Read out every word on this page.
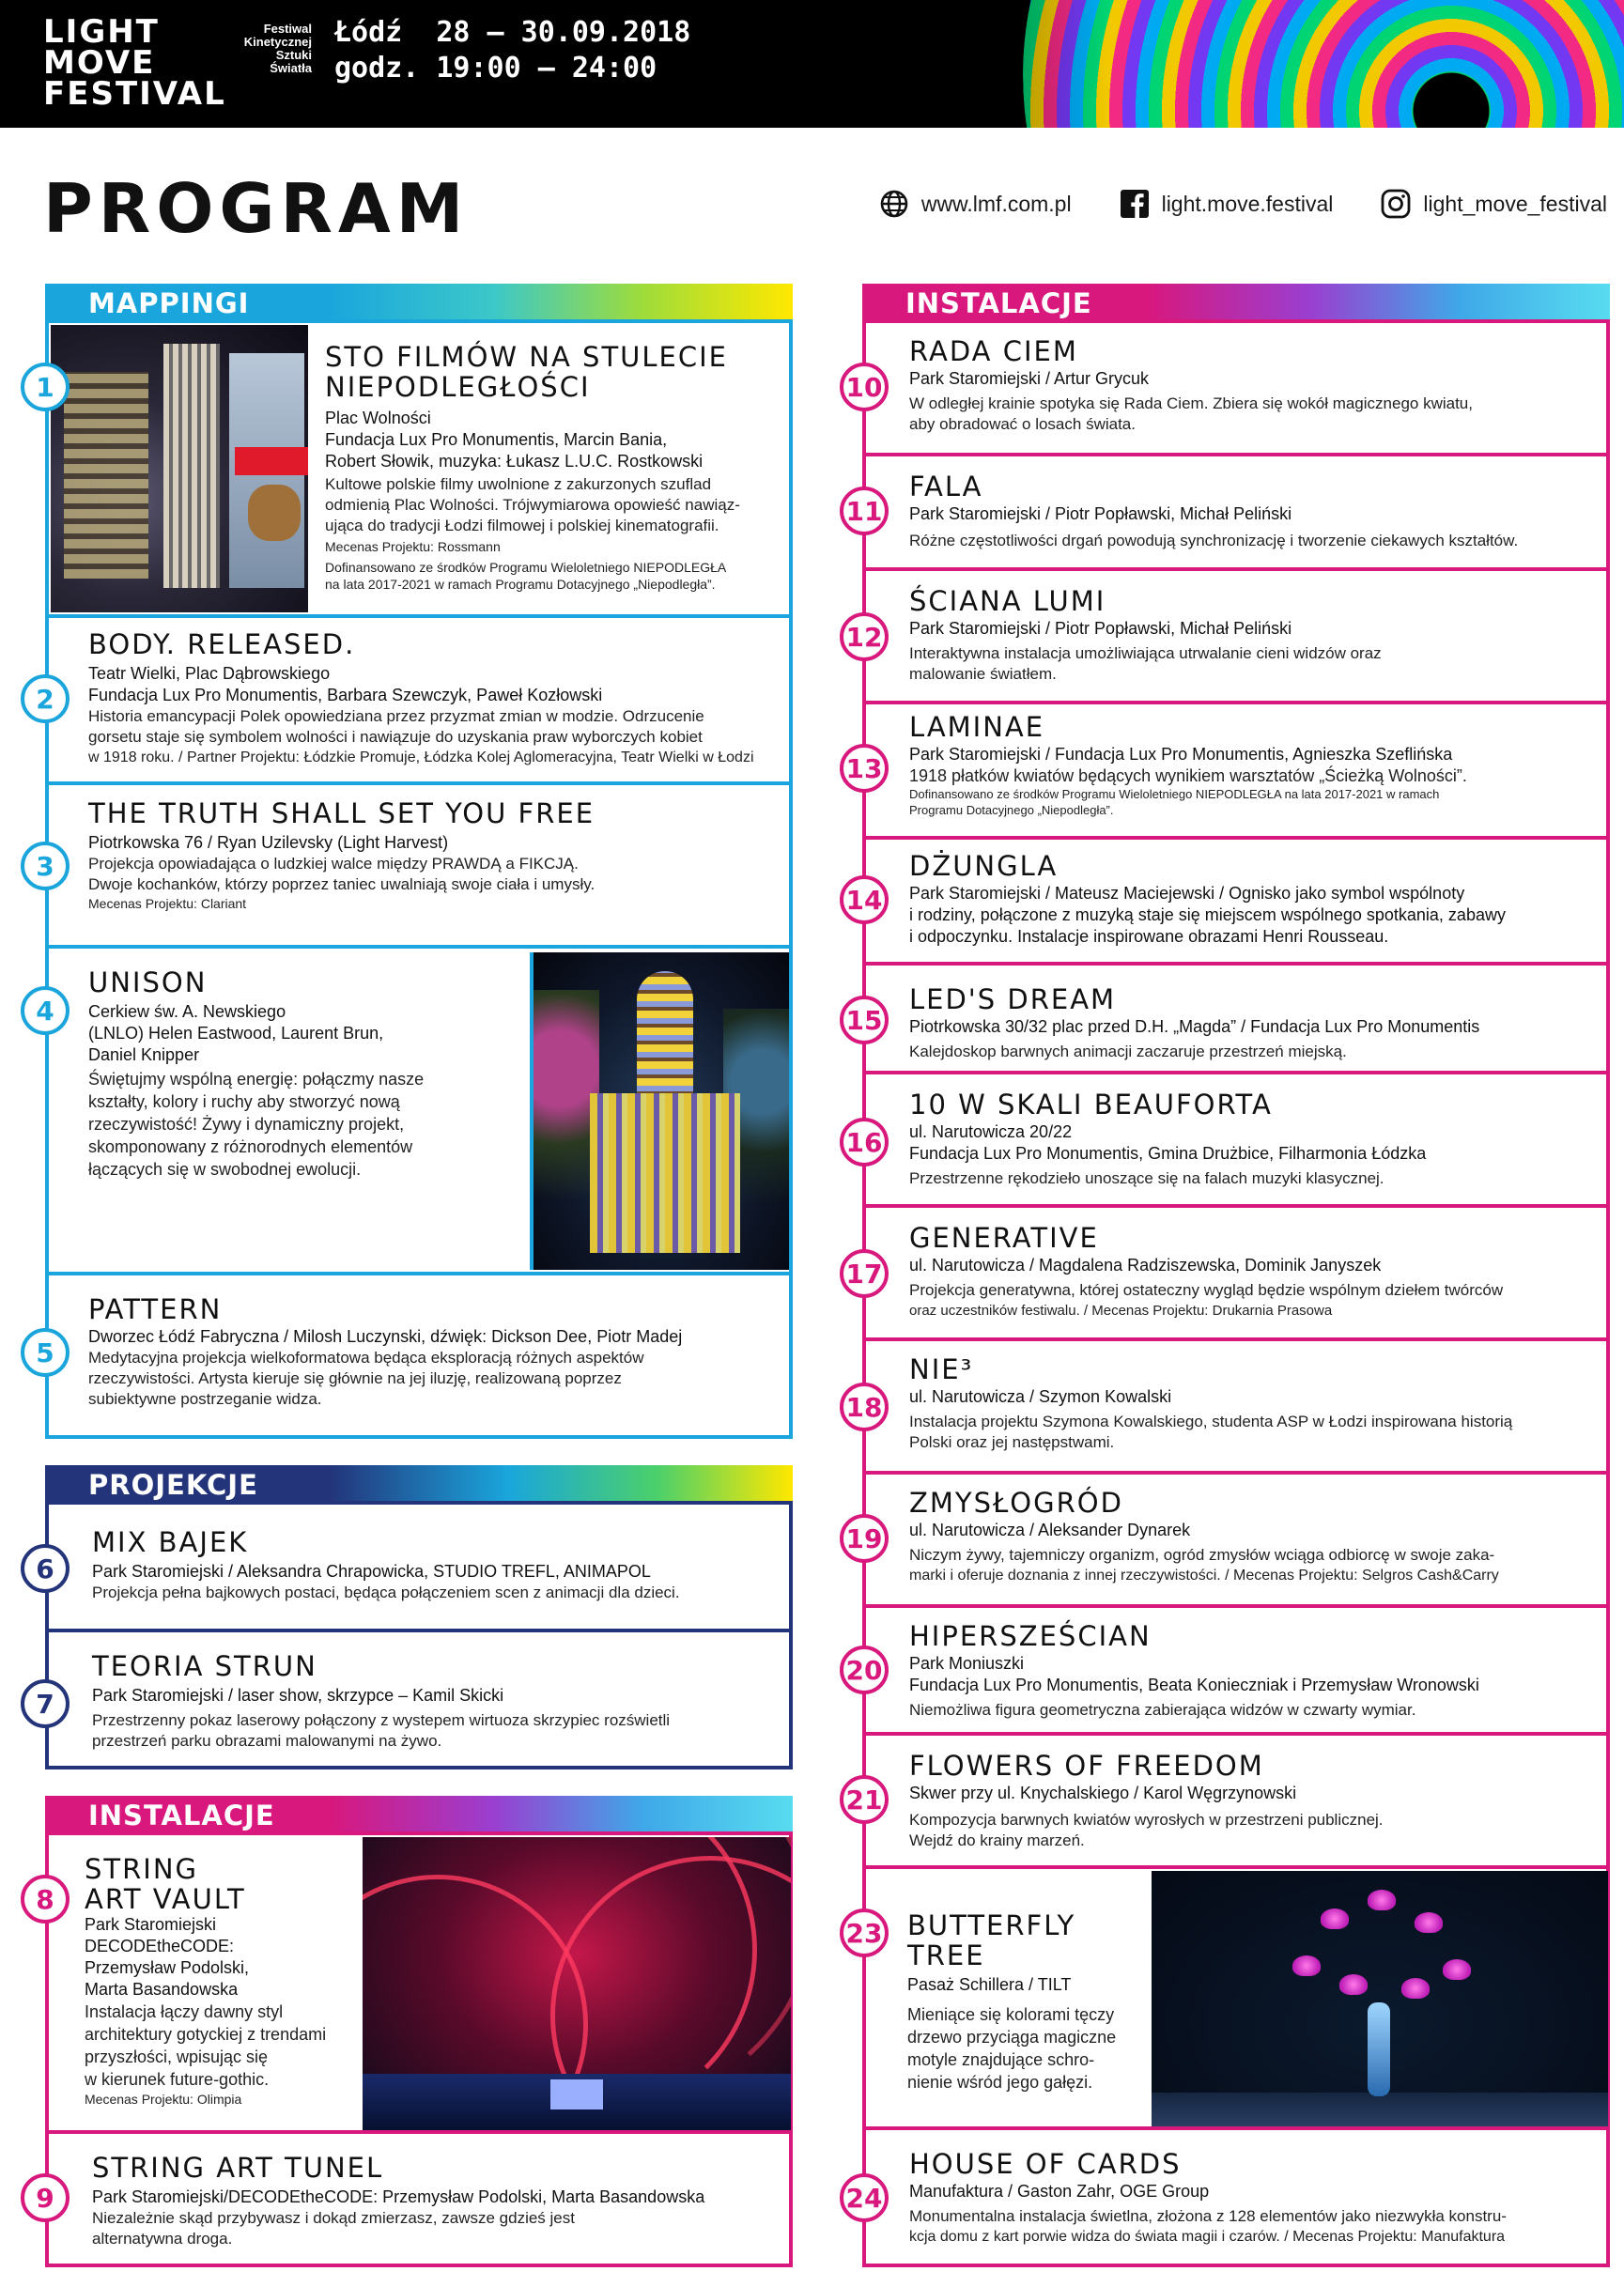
LIGHT
MOVE
FESTIVAL
Festiwal
Kinetycznej
Sztuki
Światła
Łódź  28 — 30.09.2018
godz. 19:00 — 24:00
PROGRAM	www.lmf.com.pl	light.move.festival	light_move_festival
MAPPINGI
STO FILMÓW NA STULECIE
NIEPODLEGŁOŚCI
Plac Wolności
Fundacja Lux Pro Monumentis, Marcin Bania,
Robert Słowik, muzyka: Łukasz L.U.C. Rostkowski
Kultowe polskie filmy uwolnione z zakurzonych szuflad
odmienią Plac Wolności. Trójwymiarowa opowieść nawiąz-
ująca do tradycji Łodzi filmowej i polskiej kinematografii.
Mecenas Projektu: Rossmann
Dofinansowano ze środków Programu Wieloletniego NIEPODLEGŁA
na lata 2017-2021 w ramach Programu Dotacyjnego „Niepodległa”.
1
BODY. RELEASED.
Teatr Wielki, Plac Dąbrowskiego
Fundacja Lux Pro Monumentis, Barbara Szewczyk, Paweł Kozłowski
Historia emancypacji Polek opowiedziana przez przyzmat zmian w modzie. Odrzucenie
gorsetu staje się symbolem wolności i nawiązuje do uzyskania praw wyborczych kobiet
w 1918 roku. / Partner Projektu: Łódzkie Promuje, Łódzka Kolej Aglomeracyjna, Teatr Wielki w Łodzi
2
THE TRUTH SHALL SET YOU FREE
Piotrkowska 76 / Ryan Uzilevsky (Light Harvest)
Projekcja opowiadająca o ludzkiej walce między PRAWDĄ a FIKCJĄ.
Dwoje kochanków, którzy poprzez taniec uwalniają swoje ciała i umysły.
Mecenas Projektu: Clariant
3
UNISON
Cerkiew św. A. Newskiego
(LNLO) Helen Eastwood, Laurent Brun,
Daniel Knipper
Świętujmy wspólną energię: połączmy nasze
kształty, kolory i ruchy aby stworzyć nową
rzeczywistość! Żywy i dynamiczny projekt,
skomponowany z różnorodnych elementów
łączących się w swobodnej ewolucji.
4
PATTERN
Dworzec Łódź Fabryczna / Milosh Luczynski, dźwięk: Dickson Dee, Piotr Madej
Medytacyjna projekcja wielkoformatowa będąca eksploracją różnych aspektów
rzeczywistości. Artysta kieruje się głównie na jej iluzję, realizowaną poprzez
subiektywne postrzeganie widza.
5
PROJEKCJE
MIX BAJEK
Park Staromiejski / Aleksandra Chrapowicka, STUDIO TREFL, ANIMAPOL
Projekcja pełna bajkowych postaci, będąca połączeniem scen z animacji dla dzieci.
6
TEORIA STRUN
Park Staromiejski / laser show, skrzypce – Kamil Skicki
Przestrzenny pokaz laserowy połączony z wystepem wirtuoza skrzypiec rozświetli
przestrzeń parku obrazami malowanymi na żywo.
7
INSTALACJE
STRING
ART VAULT
Park Staromiejski
DECODEtheCODE:
Przemysław Podolski,
Marta Basandowska
Instalacja łączy dawny styl
architektury gotyckiej z trendami
przyszłości, wpisując się
w kierunek future-gothic.
Mecenas Projektu: Olimpia
8
STRING ART TUNEL
Park Staromiejski/DECODEtheCODE: Przemysław Podolski, Marta Basandowska
Niezależnie skąd przybywasz i dokąd zmierzasz, zawsze gdzieś jest
alternatywna droga.
9
INSTALACJE
RADA CIEM
Park Staromiejski / Artur Grycuk
W odległej krainie spotyka się Rada Ciem. Zbiera się wokół magicznego kwiatu,
aby obradować o losach świata.
10
FALA
Park Staromiejski / Piotr Popławski, Michał Peliński
Różne częstotliwości drgań powodują synchronizację i tworzenie ciekawych kształtów.
11
ŚCIANA LUMI
Park Staromiejski / Piotr Popławski, Michał Peliński
Interaktywna instalacja umożliwiająca utrwalanie cieni widzów oraz
malowanie światłem.
12
LAMINAE
Park Staromiejski / Fundacja Lux Pro Monumentis, Agnieszka Szeflińska
1918 płatków kwiatów będących wynikiem warsztatów „Ścieżką Wolności”.
Dofinansowano ze środków Programu Wieloletniego NIEPODLEGŁA na lata 2017-2021 w ramach
Programu Dotacyjnego „Niepodległa”.
13
DŻUNGLA
Park Staromiejski / Mateusz Maciejewski / Ognisko jako symbol wspólnoty
i rodziny, połączone z muzyką staje się miejscem wspólnego spotkania, zabawy
i odpoczynku. Instalacje inspirowane obrazami Henri Rousseau.
14
LED'S DREAM
Piotrkowska 30/32 plac przed D.H. „Magda” / Fundacja Lux Pro Monumentis
Kalejdoskop barwnych animacji zaczaruje przestrzeń miejską.
15
10 W SKALI BEAUFORTA
ul. Narutowicza 20/22
Fundacja Lux Pro Monumentis, Gmina Drużbice, Filharmonia Łódzka
Przestrzenne rękodzieło unoszące się na falach muzyki klasycznej.
16
GENERATIVE
ul. Narutowicza / Magdalena Radziszewska, Dominik Janyszek
Projekcja generatywna, której ostateczny wygląd będzie wspólnym dziełem twórców
oraz uczestników festiwalu. / Mecenas Projektu: Drukarnia Prasowa
17
NIE³
ul. Narutowicza / Szymon Kowalski
Instalacja projektu Szymona Kowalskiego, studenta ASP w Łodzi inspirowana historią
Polski oraz jej następstwami.
18
ZMYSŁOGRÓD
ul. Narutowicza / Aleksander Dynarek
Niczym żywy, tajemniczy organizm, ogród zmysłów wciąga odbiorcę w swoje zaka-
marki i oferuje doznania z innej rzeczywistości. / Mecenas Projektu: Selgros Cash&Carry
19
HIPERSZEŚCIAN
Park Moniuszki
Fundacja Lux Pro Monumentis, Beata Konieczniak i Przemysław Wronowski
Niemożliwa figura geometryczna zabierająca widzów w czwarty wymiar.
20
FLOWERS OF FREEDOM
Skwer przy ul. Knychalskiego / Karol Węgrzynowski
Kompozycja barwnych kwiatów wyrosłych w przestrzeni publicznej.
Wejdź do krainy marzeń.
21
BUTTERFLY
TREE
Pasaż Schillera / TILT
Mieniące się kolorami tęczy
drzewo przyciąga magiczne
motyle znajdujące schro-
nienie wśród jego gałęzi.
23
HOUSE OF CARDS
Manufaktura / Gaston Zahr, OGE Group
Monumentalna instalacja świetlna, złożona z 128 elementów jako niezwykła konstru-
kcja domu z kart porwie widza do świata magii i czarów. / Mecenas Projektu: Manufaktura
24
